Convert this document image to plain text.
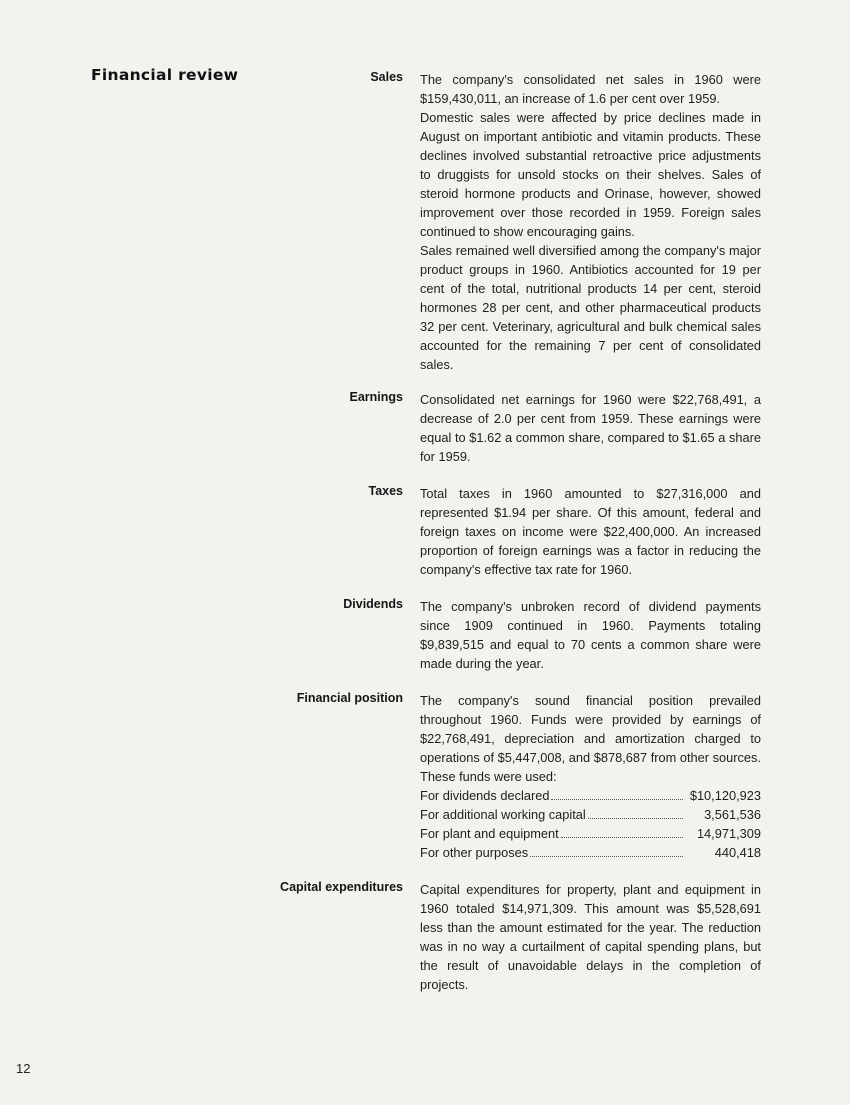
Financial review	Sales The company's consolidated net sales in 1960 were $159,430,011, an increase of 1.6 per cent over 1959.

Domestic sales were affected by price declines made in August on important antibiotic and vitamin products. These declines involved substantial retroactive price adjustments to druggists for unsold stocks on their shelves. Sales of steroid hormone products and Orinase, however, showed improvement over those recorded in 1959. Foreign sales continued to show encouraging gains.

Sales remained well diversified among the company's major product groups in 1960. Antibiotics accounted for 19 per cent of the total, nutritional products 14 per cent, steroid hormones 28 per cent, and other pharmaceutical products 32 per cent. Veterinary, agricultural and bulk chemical sales accounted for the remaining 7 per cent of consolidated sales.

Earnings Consolidated net earnings for 1960 were $22,768,491, a decrease of 2.0 per cent from 1959. These earnings were equal to $1.62 a common share, compared to $1.65 a share for 1959.

Taxes Total taxes in 1960 amounted to $27,316,000 and represented $1.94 per share. Of this amount, federal and foreign taxes on income were $22,400,000. An increased proportion of foreign earnings was a factor in reducing the company's effective tax rate for 1960.

Dividends The company's unbroken record of dividend payments since 1909 continued in 1960. Payments totaling $9,839,515 and equal to 70 cents a common share were made during the year.

Financial position The company's sound financial position prevailed throughout 1960. Funds were provided by earnings of $22,768,491, depreciation and amortization charged to operations of $5,447,008, and $878,687 from other sources. These funds were used:

For dividends declared	$10,120,923
For additional working capital	3,561,536
For plant and equipment	14,971,309
For other purposes	440,418
Capital expenditures Capital expenditures for property, plant and equipment in 1960 totaled $14,971,309. This amount was $5,528,691 less than the amount estimated for the year. The reduction was in no way a curtailment of capital spending plans, but the result of unavoidable delays in the completion of projects.

12
